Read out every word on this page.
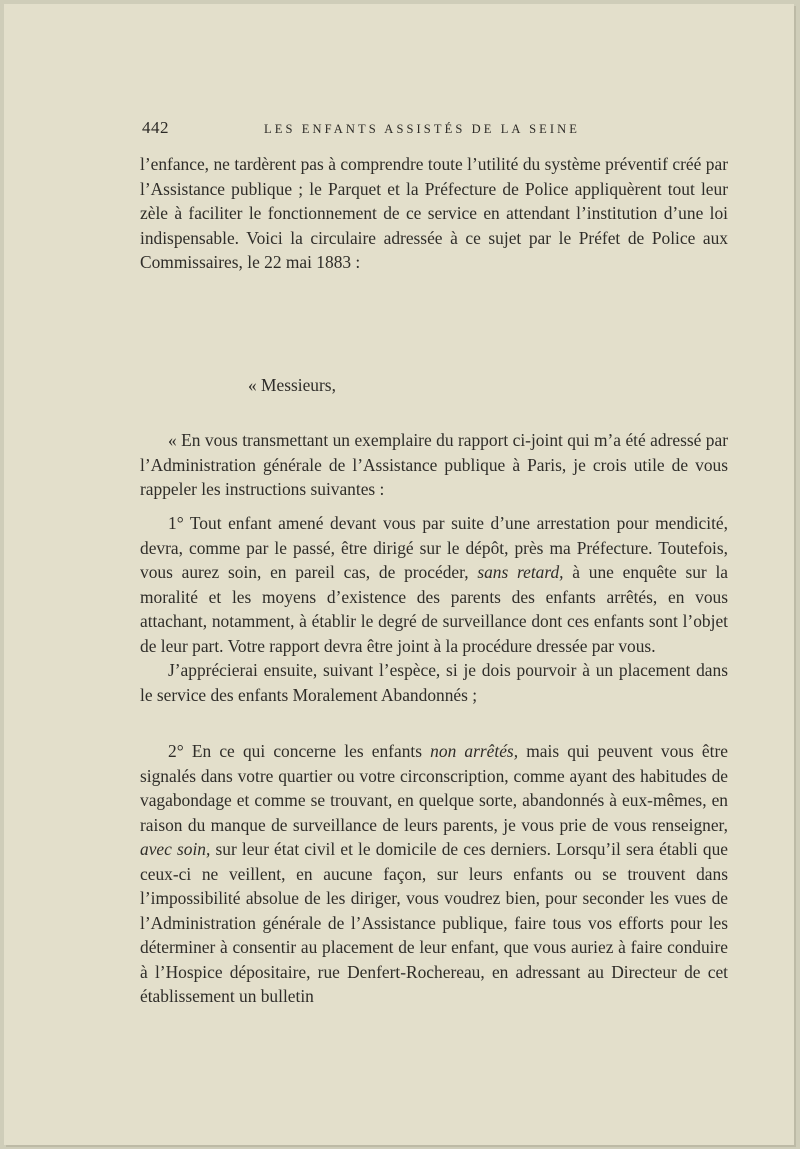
442	LES ENFANTS ASSISTÉS DE LA SEINE

l’enfance, ne tardèrent pas à comprendre toute l’utilité du système préventif créé par l’Assistance publique ; le Parquet et la Préfecture de Police appliquèrent tout leur zèle à faciliter le fonctionnement de ce service en attendant l’institution d’une loi indispensable. Voici la circulaire adressée à ce sujet par le Préfet de Police aux Commissaires, le 22 mai 1883 :

« Messieurs,

« En vous transmettant un exemplaire du rapport ci-joint qui m’a été adressé par l’Administration générale de l’Assistance publique à Paris, je crois utile de vous rappeler les instructions suivantes :

1° Tout enfant amené devant vous par suite d’une arrestation pour mendicité, devra, comme par le passé, être dirigé sur le dépôt, près ma Préfecture. Toutefois, vous aurez soin, en pareil cas, de procéder, sans retard, à une enquête sur la moralité et les moyens d’existence des parents des enfants arrêtés, en vous attachant, notamment, à établir le degré de surveillance dont ces enfants sont l’objet de leur part. Votre rapport devra être joint à la procédure dressée par vous.

J’apprécierai ensuite, suivant l’espèce, si je dois pourvoir à un placement dans le service des enfants Moralement Abandonnés ;

2° En ce qui concerne les enfants non arrêtés, mais qui peuvent vous être signalés dans votre quartier ou votre circonscription, comme ayant des habitudes de vagabondage et comme se trouvant, en quelque sorte, abandonnés à eux-mêmes, en raison du manque de surveillance de leurs parents, je vous prie de vous renseigner, avec soin, sur leur état civil et le domicile de ces derniers. Lorsqu’il sera établi que ceux-ci ne veillent, en aucune façon, sur leurs enfants ou se trouvent dans l’impossibilité absolue de les diriger, vous voudrez bien, pour seconder les vues de l’Administration générale de l’Assistance publique, faire tous vos efforts pour les déterminer à consentir au placement de leur enfant, que vous auriez à faire conduire à l’Hospice dépositaire, rue Denfert-Rochereau, en adressant au Directeur de cet établissement un bulletin
